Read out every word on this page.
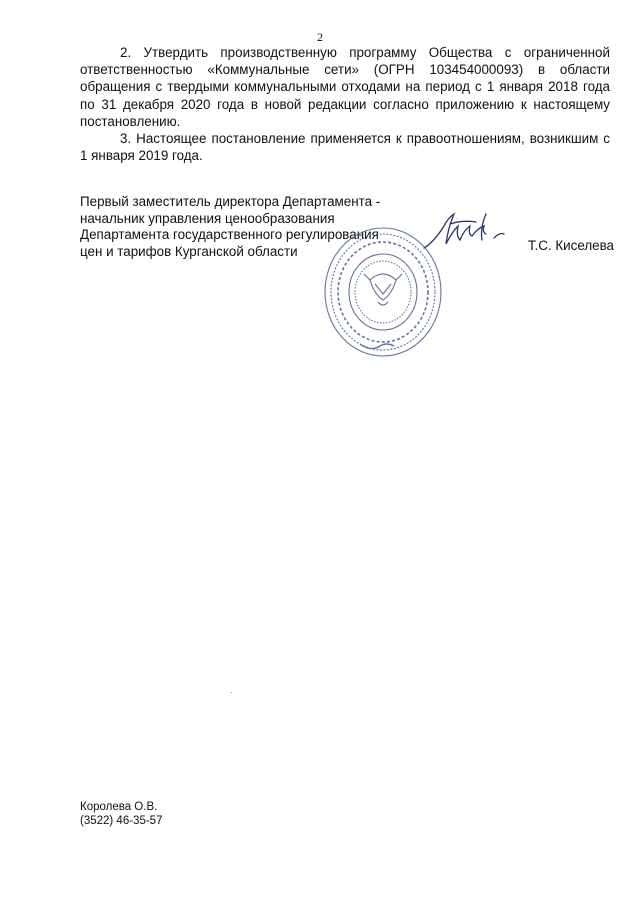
2

2. Утвердить производственную программу Общества с ограниченной ответственностью «Коммунальные сети» (ОГРН 103454000093) в области обращения с твердыми коммунальными отходами на период с 1 января 2018 года по 31 декабря 2020 года в новой редакции согласно приложению к настоящему постановлению.

3. Настоящее постановление применяется к правоотношениям, возникшим с 1 января 2019 года.

Первый заместитель директора Департамента -
начальник управления ценообразования
Департамента государственного регулирования
цен и тарифов Курганской области	Т.С. Киселева
Королева О.В.
(3522) 46-35-57
